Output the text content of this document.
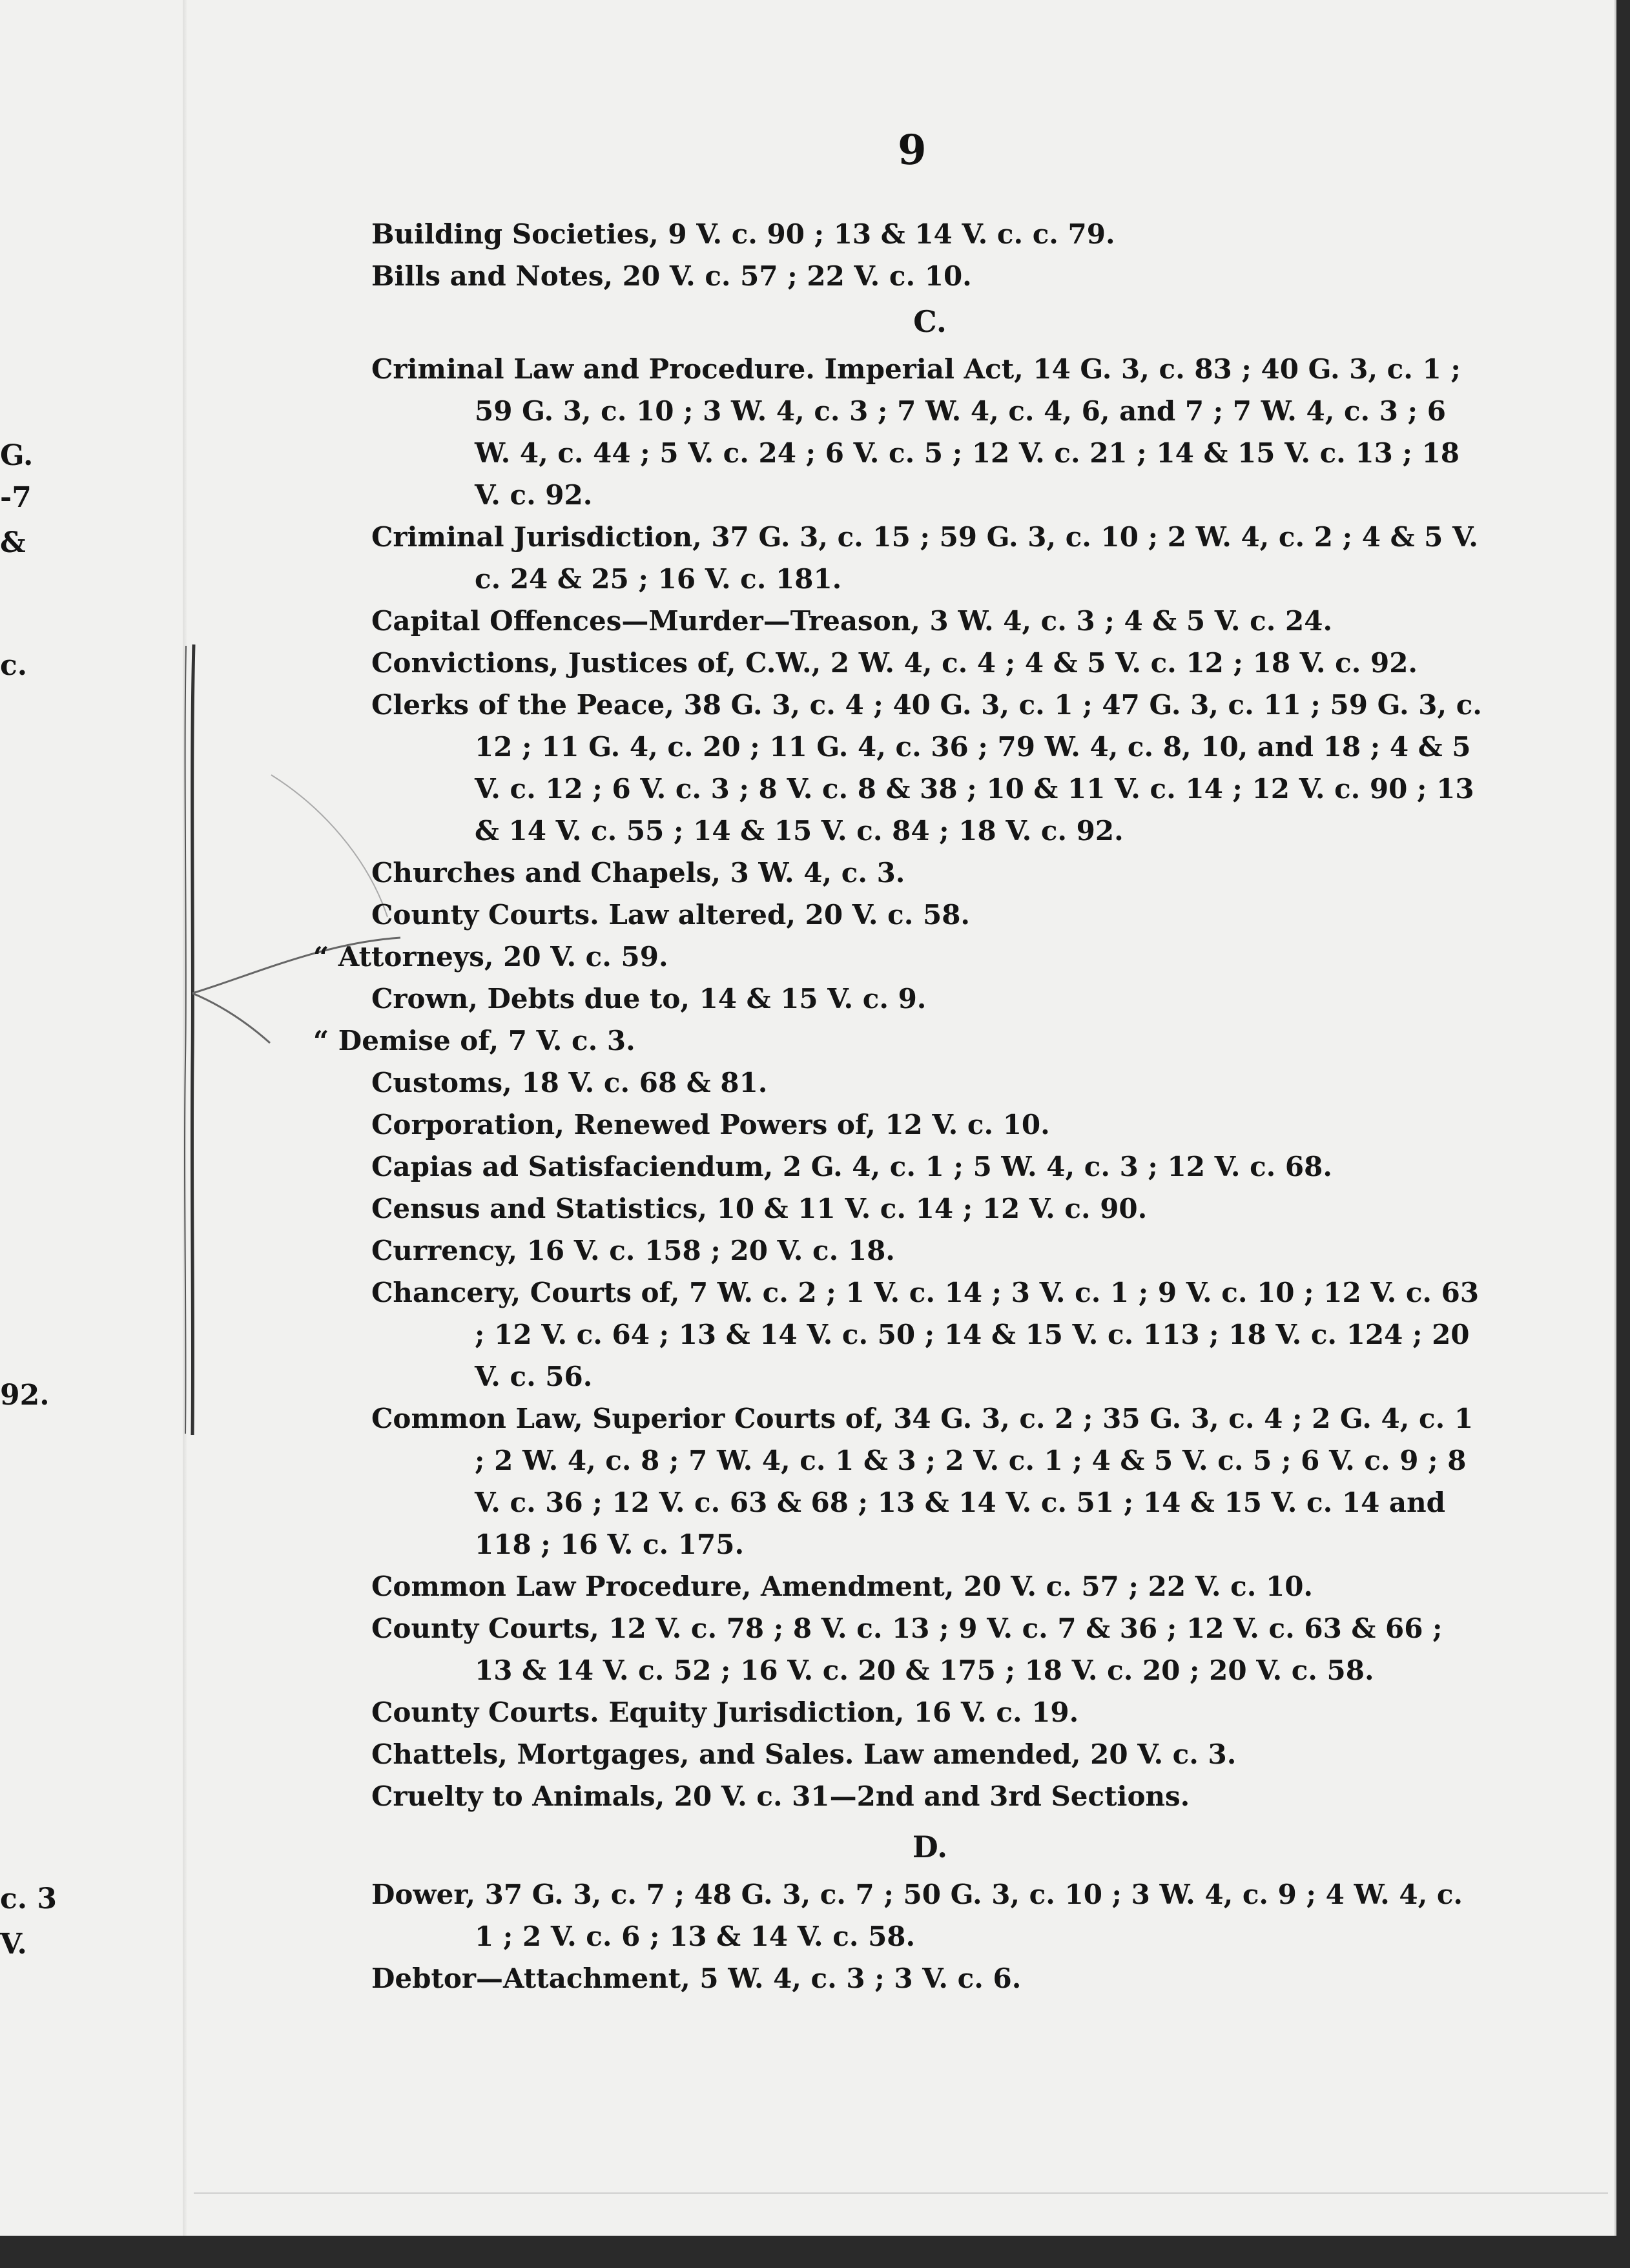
G.
-7
&
c.
92.
c. 3
V.
9

Building Societies, 9 V. c. 90 ; 13 & 14 V. c. c. 79.

Bills and Notes, 20 V. c. 57 ; 22 V. c. 10.

C.

Criminal Law and Procedure. Imperial Act, 14 G. 3, c. 83 ; 40 G. 3, c. 1 ; 59 G. 3, c. 10 ; 3 W. 4, c. 3 ; 7 W. 4, c. 4, 6, and 7 ; 7 W. 4, c. 3 ; 6 W. 4, c. 44 ; 5 V. c. 24 ; 6 V. c. 5 ; 12 V. c. 21 ; 14 & 15 V. c. 13 ; 18 V. c. 92.

Criminal Jurisdiction, 37 G. 3, c. 15 ; 59 G. 3, c. 10 ; 2 W. 4, c. 2 ; 4 & 5 V. c. 24 & 25 ; 16 V. c. 181.

Capital Offences—Murder—Treason, 3 W. 4, c. 3 ; 4 & 5 V. c. 24.

Convictions, Justices of, C.W., 2 W. 4, c. 4 ; 4 & 5 V. c. 12 ; 18 V. c. 92.

Clerks of the Peace, 38 G. 3, c. 4 ; 40 G. 3, c. 1 ; 47 G. 3, c. 11 ; 59 G. 3, c. 12 ; 11 G. 4, c. 20 ; 11 G. 4, c. 36 ; 79 W. 4, c. 8, 10, and 18 ; 4 & 5 V. c. 12 ; 6 V. c. 3 ; 8 V. c. 8 & 38 ; 10 & 11 V. c. 14 ; 12 V. c. 90 ; 13 & 14 V. c. 55 ; 14 & 15 V. c. 84 ; 18 V. c. 92.

Churches and Chapels, 3 W. 4, c. 3.

County Courts. Law altered, 20 V. c. 58.

“ Attorneys, 20 V. c. 59.

Crown, Debts due to, 14 & 15 V. c. 9.

“ Demise of, 7 V. c. 3.

Customs, 18 V. c. 68 & 81.

Corporation, Renewed Powers of, 12 V. c. 10.

Capias ad Satisfaciendum, 2 G. 4, c. 1 ; 5 W. 4, c. 3 ; 12 V. c. 68.

Census and Statistics, 10 & 11 V. c. 14 ; 12 V. c. 90.

Currency, 16 V. c. 158 ; 20 V. c. 18.

Chancery, Courts of, 7 W. c. 2 ; 1 V. c. 14 ; 3 V. c. 1 ; 9 V. c. 10 ; 12 V. c. 63 ; 12 V. c. 64 ; 13 & 14 V. c. 50 ; 14 & 15 V. c. 113 ; 18 V. c. 124 ; 20 V. c. 56.

Common Law, Superior Courts of, 34 G. 3, c. 2 ; 35 G. 3, c. 4 ; 2 G. 4, c. 1 ; 2 W. 4, c. 8 ; 7 W. 4, c. 1 & 3 ; 2 V. c. 1 ; 4 & 5 V. c. 5 ; 6 V. c. 9 ; 8 V. c. 36 ; 12 V. c. 63 & 68 ; 13 & 14 V. c. 51 ; 14 & 15 V. c. 14 and 118 ; 16 V. c. 175.

Common Law Procedure, Amendment, 20 V. c. 57 ; 22 V. c. 10.

County Courts, 12 V. c. 78 ; 8 V. c. 13 ; 9 V. c. 7 & 36 ; 12 V. c. 63 & 66 ; 13 & 14 V. c. 52 ; 16 V. c. 20 & 175 ; 18 V. c. 20 ; 20 V. c. 58.

County Courts. Equity Jurisdiction, 16 V. c. 19.

Chattels, Mortgages, and Sales. Law amended, 20 V. c. 3.

Cruelty to Animals, 20 V. c. 31—2nd and 3rd Sections.

D.

Dower, 37 G. 3, c. 7 ; 48 G. 3, c. 7 ; 50 G. 3, c. 10 ; 3 W. 4, c. 9 ; 4 W. 4, c. 1 ; 2 V. c. 6 ; 13 & 14 V. c. 58.

Debtor—Attachment, 5 W. 4, c. 3 ; 3 V. c. 6.
